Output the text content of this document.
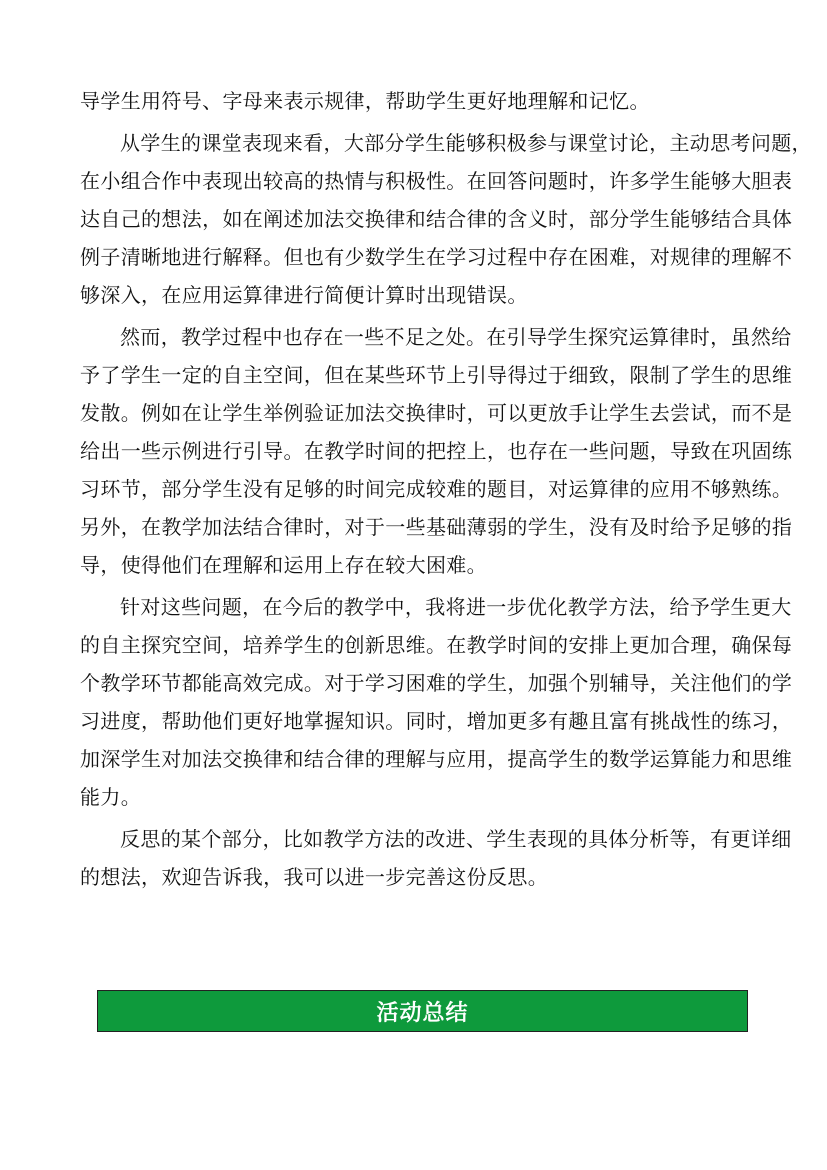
导学生用符号、字母来表示规律，帮助学生更好地理解和记忆。
从学生的课堂表现来看，大部分学生能够积极参与课堂讨论，主动思考问题，
在小组合作中表现出较高的热情与积极性。在回答问题时，许多学生能够大胆表
达自己的想法，如在阐述加法交换律和结合律的含义时，部分学生能够结合具体
例子清晰地进行解释。但也有少数学生在学习过程中存在困难，对规律的理解不
够深入，在应用运算律进行简便计算时出现错误。
然而，教学过程中也存在一些不足之处。在引导学生探究运算律时，虽然给
予了学生一定的自主空间，但在某些环节上引导得过于细致，限制了学生的思维
发散。例如在让学生举例验证加法交换律时，可以更放手让学生去尝试，而不是
给出一些示例进行引导。在教学时间的把控上，也存在一些问题，导致在巩固练
习环节，部分学生没有足够的时间完成较难的题目，对运算律的应用不够熟练。
另外，在教学加法结合律时，对于一些基础薄弱的学生，没有及时给予足够的指
导，使得他们在理解和运用上存在较大困难。
针对这些问题，在今后的教学中，我将进一步优化教学方法，给予学生更大
的自主探究空间，培养学生的创新思维。在教学时间的安排上更加合理，确保每
个教学环节都能高效完成。对于学习困难的学生，加强个别辅导，关注他们的学
习进度，帮助他们更好地掌握知识。同时，增加更多有趣且富有挑战性的练习，
加深学生对加法交换律和结合律的理解与应用，提高学生的数学运算能力和思维
能力。
反思的某个部分，比如教学方法的改进、学生表现的具体分析等，有更详细
的想法，欢迎告诉我，我可以进一步完善这份反思。
活动总结
